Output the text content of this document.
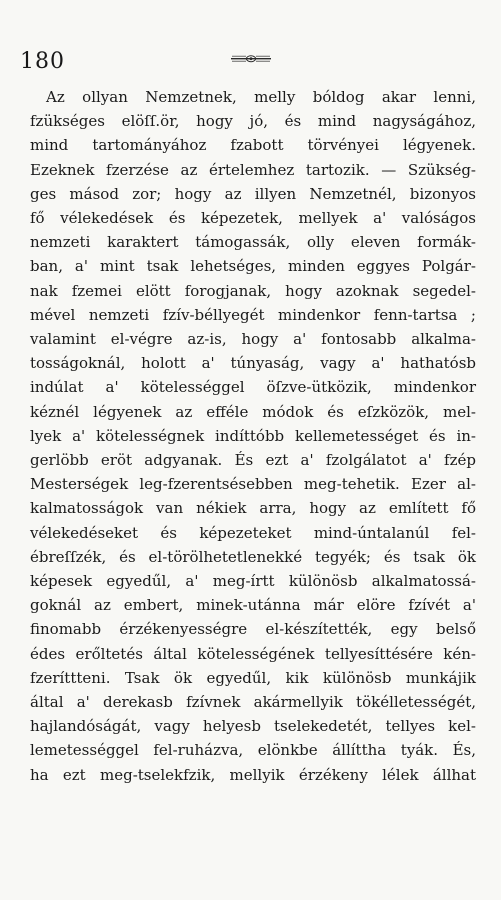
180
Az ollyan Nemzetnek, melly bóldog akar lenni,
fzükséges elöſſ.ör, hogy jó, és mind nagyságához,
mind tartományához fzabott törvényei légyenek.
Ezeknek fzerzése az értelemhez tartozik. — Szükség-
ges másod zor; hogy az illyen Nemzetnél, bizonyos
fő vélekedések és képezetek, mellyek a' valóságos
nemzeti karaktert támogassák, olly eleven formák-
ban, a' mint tsak lehetséges, minden eggyes Polgár-
nak fzemei elött forogjanak, hogy azoknak segedel-
mével nemzeti fzív-béllyegét mindenkor fenn-tartsa ;
valamint el-végre az-is, hogy a' fontosabb alkalma-
tosságoknál, holott a' túnyaság, vagy a' hathatósb
indúlat a' kötelességgel öſzve-ütközik, mindenkor
kéznél légyenek az efféle módok és eſzközök, mel-
lyek a' kötelességnek indíttóbb kellemetességet és in-
gerlöbb eröt adgyanak. És ezt a' fzolgálatot a' fzép
Mesterségek leg-fzerentsésebben meg-tehetik. Ezer al-
kalmatosságok van nékiek arra, hogy az említett fő
vélekedéseket és képezeteket mind-úntalanúl fel-
ébreſſzék, és el-törölhetetlenekké tegyék; és tsak ök
képesek egyedűl, a' meg-írtt különösb alkalmatossá-
goknál az embert, minek-utánna már elöre fzívét a'
finomabb érzékenyességre el-készítették, egy belső
édes erőltetés által kötelességének tellyesíttésére kén-
fzeríttteni. Tsak ök egyedűl, kik különösb munkájik
által a' derekasb fzívnek akármellyik tökélletességét,
hajlandóságát, vagy helyesb tselekedetét, tellyes kel-
lemetességgel fel-ruházva, elönkbe állíttha tyák. És,
ha ezt meg-tselekfzik, mellyik érzékeny lélek állhat
